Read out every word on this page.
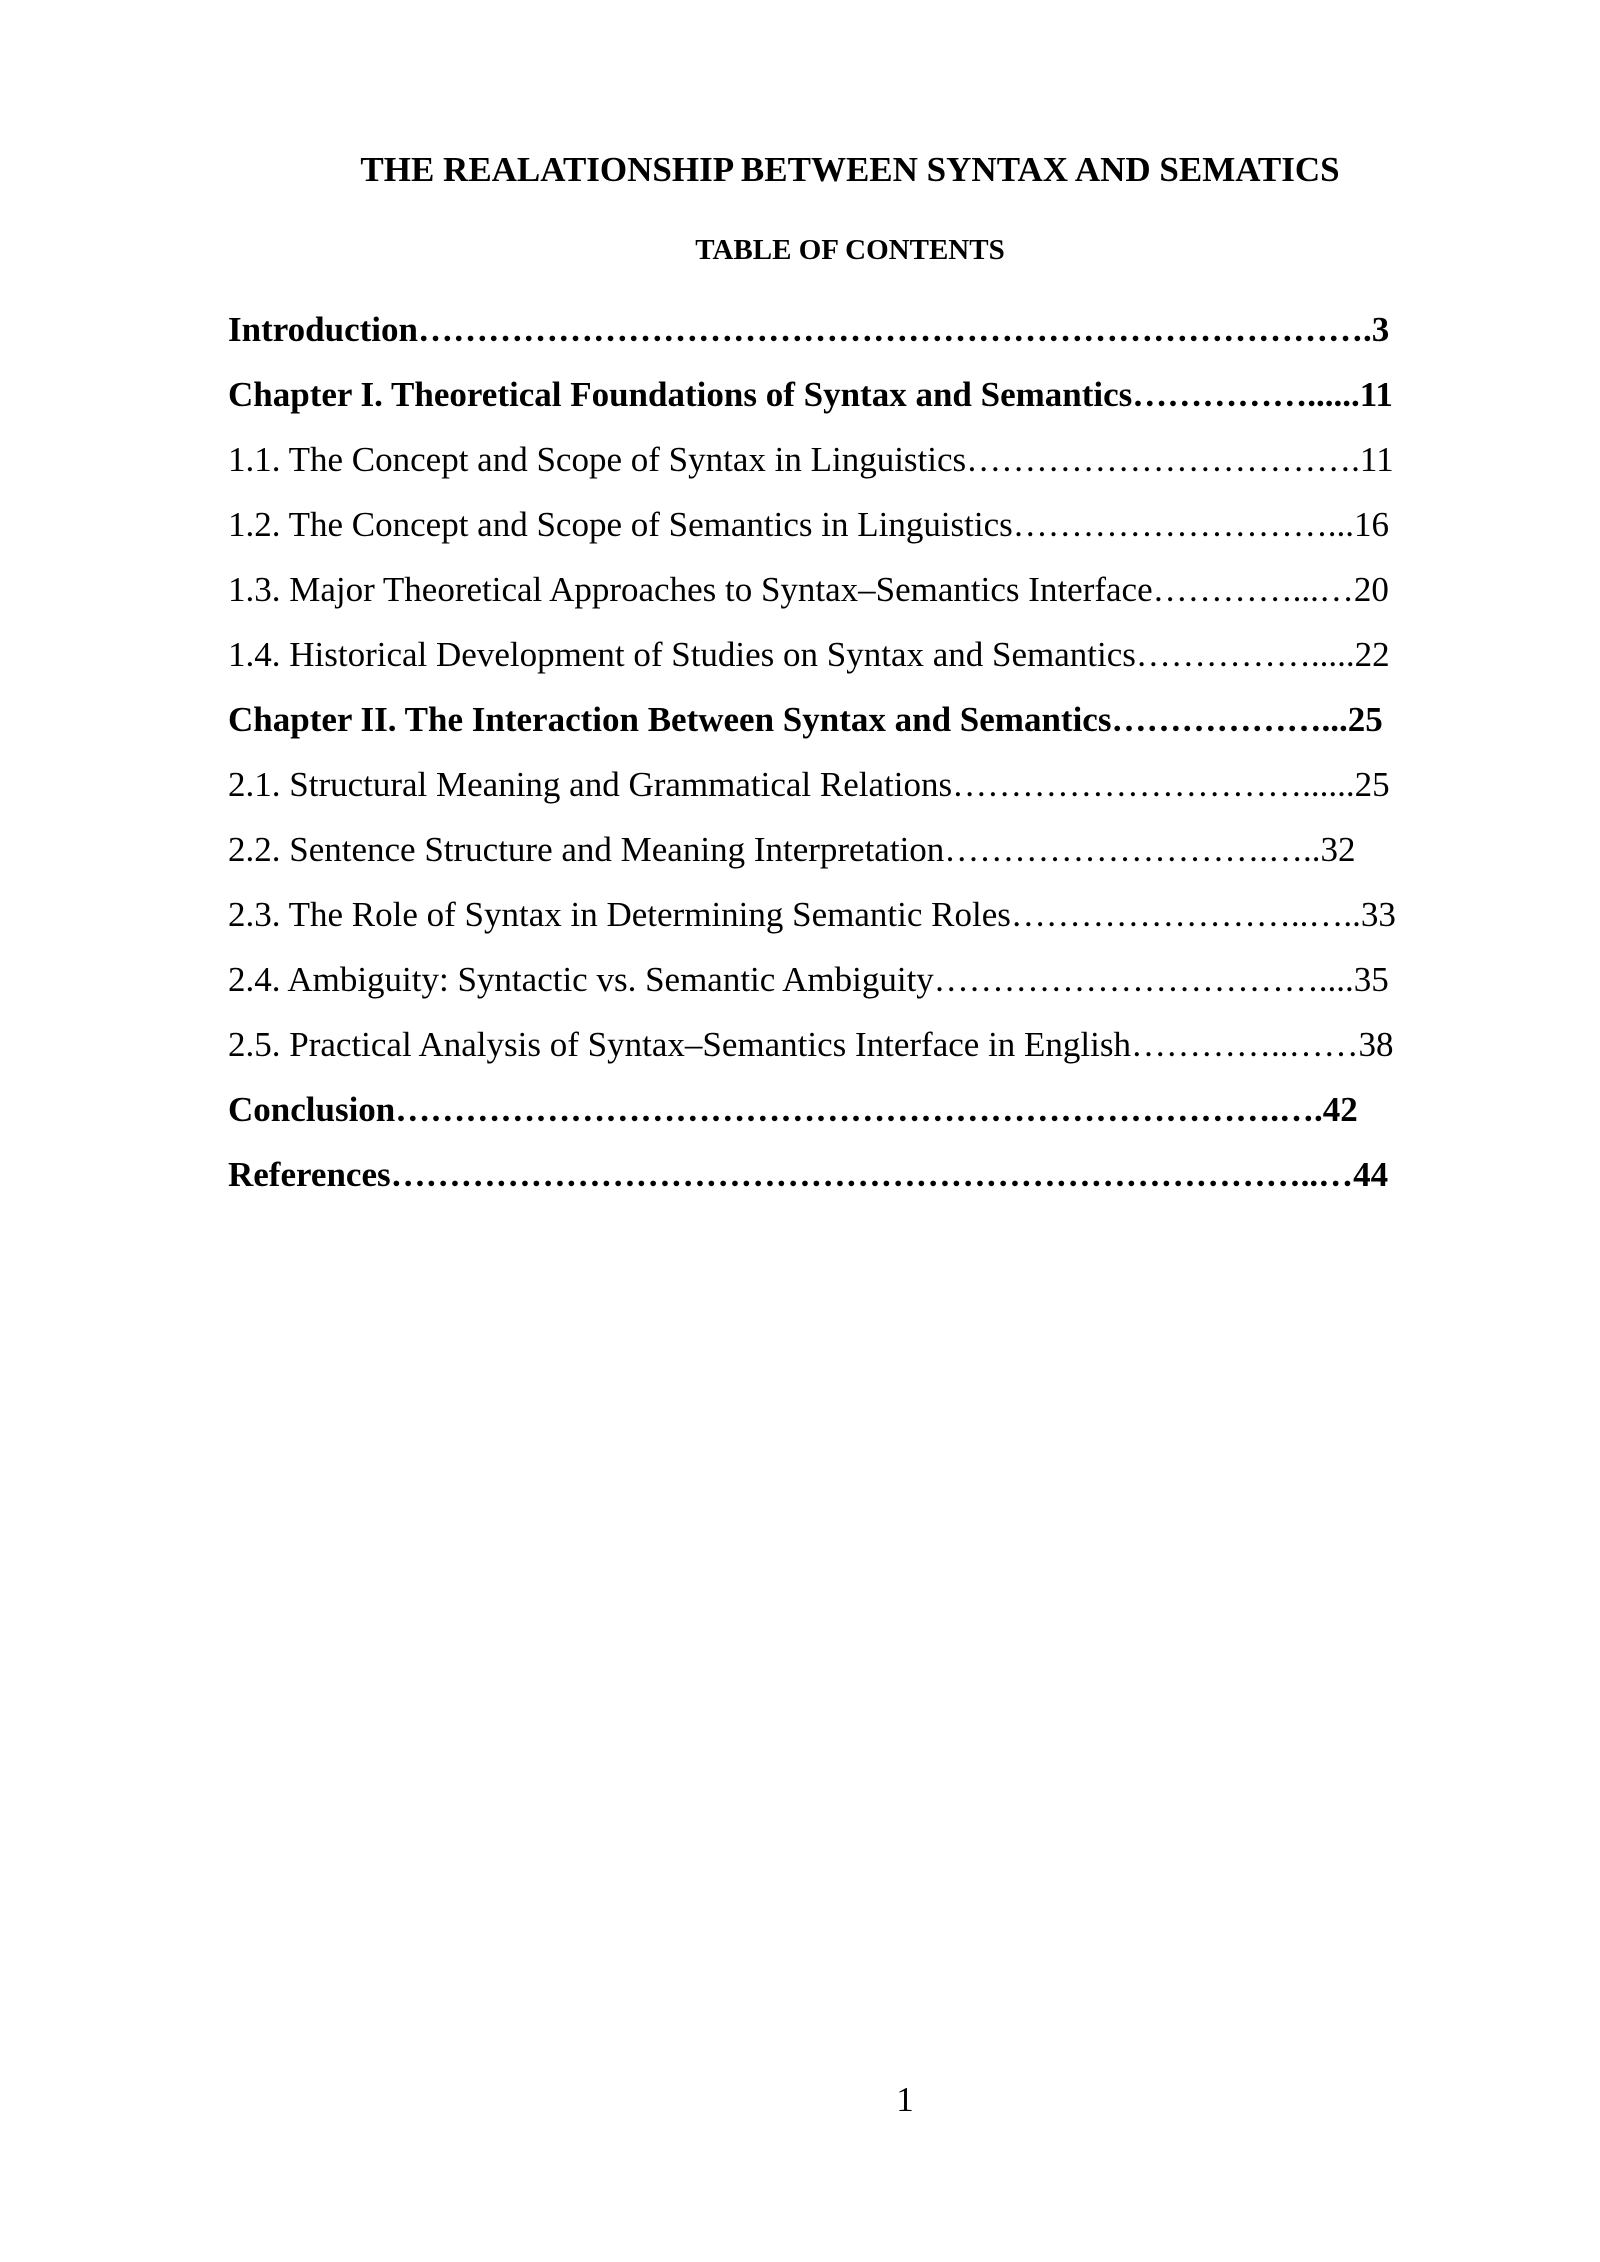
THE REALATIONSHIP BETWEEN SYNTAX AND SEMATICS
TABLE OF CONTENTS
Introduction……………………………………………………………………….3
Chapter I. Theoretical Foundations of Syntax and Semantics……………......11
1.1. The Concept and Scope of Syntax in Linguistics…………………………….11
1.2. The Concept and Scope of Semantics in Linguistics………………………...16
1.3. Major Theoretical Approaches to Syntax–Semantics Interface…………...…20
1.4. Historical Development of Studies on Syntax and Semantics…………….....22
Chapter II. The Interaction Between Syntax and Semantics………………...25
2.1. Structural Meaning and Grammatical Relations…………………………......25
2.2. Sentence Structure and Meaning Interpretation……………………….…..32
2.3. The Role of Syntax in Determining Semantic Roles……………………..…..33
2.4. Ambiguity: Syntactic vs. Semantic Ambiguity……………………………....35
2.5. Practical Analysis of Syntax–Semantics Interface in English…………..……38
Conclusion………………………………………………………………….….42
References……………………………………………………………………..…44

1
